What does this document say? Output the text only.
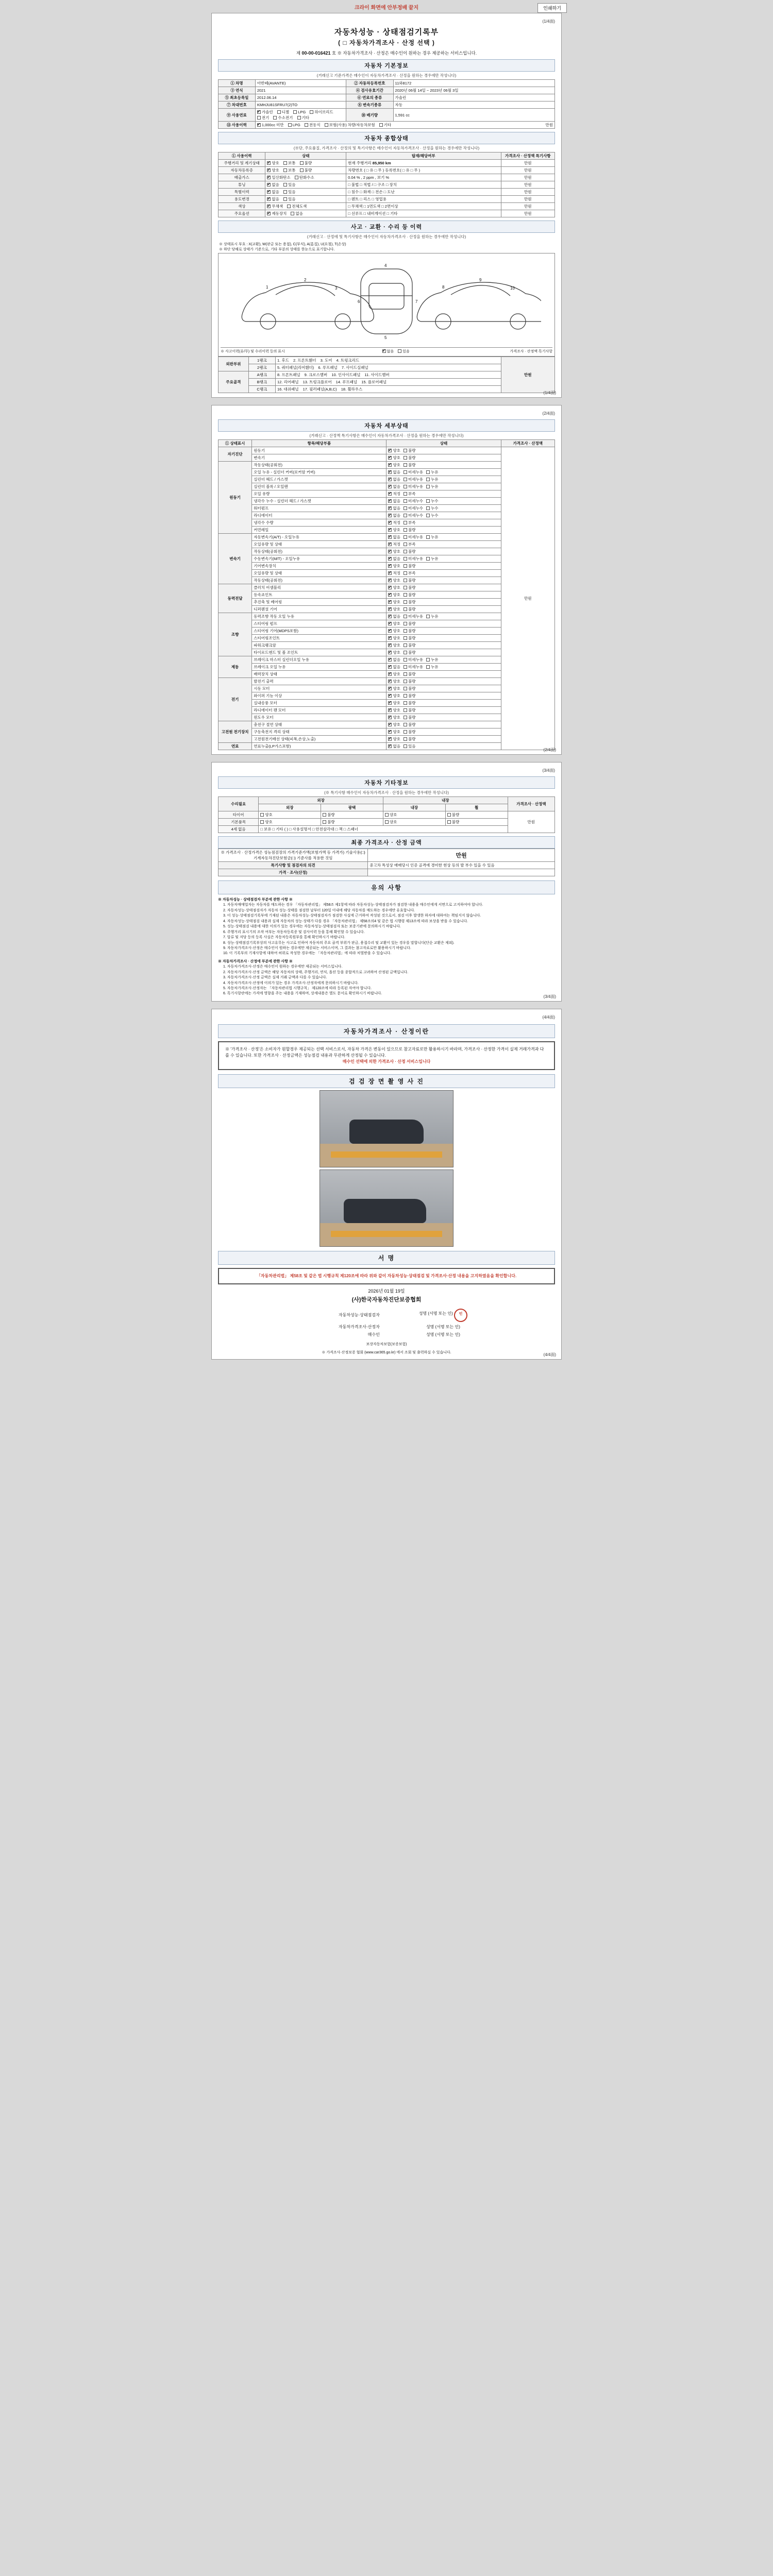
크라이 화면에 안부정배 끝지	인쇄하기
(1/4面)
자동차성능 · 상태점검기록부
( □ 자동차가격조사 · 산정 선택 )
제 00-00-016421 호 ※ 자동차가격조사 · 산정은 매수인이 원하는 경우 제공하는 서비스입니다.
자동차 기본정보
(거래신고 기준가격은 매수인이 자동차가격조사 · 산정을 원하는 경우에만 작성니다)
① 차명	아반떼(AVANTE)	② 자동차등록번호	11와8172
③ 연식	2021	④ 검사유효기간	2020년 06월 14일 ~ 2023년 06월 3일
⑤ 최초등록일	2012.06.14	⑥ 연료의 종류	가솔린
⑦ 차대번호	KMHJU81SFRU7(2)TO	⑧ 변속기종류	자동
⑨ 사용연료	✔가솔린 디젤 LPG 하이브리드 전기 수소전기 기타	⑩ 배기량	1,591 cc
⑬ 사용이력	✔1,000cc 미만 LPG 전동식 보험(사용) 차량/자동차보험 기타 만원
자동차 종합상태
(※단, 주요품질, 가격조사 · 산정의 및 특기사항은 매수인이 자동차가격조사 · 산정을 원하는 경우에만 작성니다)
① 사용이력	상태	탑재/해당여부	가격조사 · 산정액 특기사항
주행거리 및 계기상태	✔양호 보통 불량	현재 주행거리 85,950 km	만원
자동차등록증	✔양호 보통 불량	차량번호 ( □ 유 □ 무 ) 등록번호( □ 유 □ 무 )	만원
배출가스	✔일산화탄소 탄화수소	0.04 % , 2 ppm , 보기 %	만원
튜닝	✔없음 있음	□ 불법 □ 적법 / □ 구조 □ 장치	만원
특별이력	✔없음 있음	□ 침수 □ 화재 □ 전손 □ 도난	만원
용도변경	✔없음 있음	□ 렌트 □ 리스 □ 영업용	만원
색상	✔무채색 전체도색	□ 무채색 □ 1면도색 □ 2면이상	만원
주요옵션	✔제동장치 없음	□ 선루프 □ 내비게이션 □ 기타	만원
사고 · 교환 · 수리 등 이력
(거래신고 · 산정에 및 특기사항은 매수인이 자동차가격조사 · 산정을 원하는 경우에만 작성니다)
※ 상태표시 부호 : X(교환), W(판금 또는 용접), C(부식), A(흠집), U(요철), T(손상)
※ 하단 당해로 상태가 기준으로, 기타 부분의 상태를 한눈으로 표기합니다.
1
2
3
4
5
6	7
8
9
10
※ 사고이력(유/무) 및 수리이력 등의 표시 ✔	없음 있음	가격조사 · 산정액 특기사항
외판부위	1랭크	1. 후드 2. 프론트휀더 3. 도어 4. 트렁크리드	만원
	2랭크	5. 쿼터패널(리어휀더) 6. 루프패널 7. 사이드실패널	
주요골격	A랭크	8. 프론트패널 9. 크로스멤버 10. 인사이드패널 11. 사이드멤버	
	B랭크	12. 리어패널 13. 트렁크플로어 14. 루프패널 15. 플로어패널	
	C랭크	16. 대쉬패널 17. 필러패널(A,B,C) 18. 휠하우스	
(1/4面)
(2/4面)
자동차 세부상태
(거래신고 · 산정액 특기사항은 매수인이 자동차가격조사 · 산정을 원하는 경우에만 작성니다)
① 상태표시	항목/해당부품	상태	가격조사 · 산정액
자기진단	원동기	✔양호 불량	만원
	변속기	✔양호 불량
원동기	작동상태(공회전)	✔양호 불량
	오일 누유 - 실린더 커버(로커암 커버)	✔없음 미세누유 누유
	실린더 헤드 / 가스켓	✔없음 미세누유 누유
	실린더 블록 / 오일팬	✔없음 미세누유 누유
	오일 유량	✔적정 부족
	냉각수 누수 - 실린더 헤드 / 가스켓	✔없음 미세누수 누수
	워터펌프	✔없음 미세누수 누수
	라디에이터	✔없음 미세누수 누수
	냉각수 수량	✔적정 부족
	커먼레일	✔양호 불량
변속기	자동변속기(A/T) - 오일누유	✔없음 미세누유 누유
	오일유량 및 상태	✔적정 부족
	작동상태(공회전)	✔양호 불량
	수동변속기(M/T) - 오일누유	✔없음 미세누유 누유
	기어변속장치	✔양호 불량
	오일유량 및 상태	✔적정 부족
	작동상태(공회전)	✔양호 불량
동력전달	클러치 어셈블리	✔양호 불량
	등속죠인트	✔양호 불량
	추진축 및 베어링	✔양호 불량
	디퍼렌셜 기어	✔양호 불량
조향	동력조향 작동 오일 누유	✔없음 미세누유 누유
	스티어링 펌프	✔양호 불량
	스티어링 기어(MDPS포함)	✔양호 불량
	스티어링조인트	✔양호 불량
	파워크랭크암	✔양호 불량
	타이로드엔드 및 볼 조인트	✔양호 불량
제동	브레이크 마스터 실린더오일 누유	✔없음 미세누유 누유
	브레이크 오일 누유	✔없음 미세누유 누유
	배력장치 상태	✔양호 불량
전기	발전기 출력	✔양호 불량
	시동 모터	✔양호 불량
	와이퍼 기능 이상	✔양호 불량
	실내송풍 모터	✔양호 불량
	라디에이터 팬 모터	✔양호 불량
	윈도우 모터	✔양호 불량
고전원 전기장치	충전구 절연 상태	✔양호 불량
	구동축전지 격리 상태	✔양호 불량
	고전원전기배선 상태(피복,손상,노출)	✔양호 불량
연료	연료누출(LP가스포함)	✔없음 있음
(2/4面)
(3/4面)
자동차 기타정보
(※ 특기사항 매수인이 자동차가격조사 · 산정을 원하는 경우에만 작성니다)
수리필요	외장		내장		가격조사 · 산정액
	외장	광택	내장	휠	
타이어	양호	불량	양호	불량	만원
기본품목	양호	불량	양호	불량	
4세 없음	□ 보유 □ 기타 ( ) □ 사용설명서 □ 안전삼각대 □ 잭 □ 스패너				
최종 가격조사 · 산정 금액
※ 가격조사 · 산정가격은 성능점검장의 가격기준가액(보험가액 등 가격가) 기술사용(□) 기계자동차진단보험금(□) 기준사를 적용한 것임	만원
특기사항 및 점검자의 의견	중고차 특성상 매매당시 인증 골격에 경미한 현상 등의 발 부수 있을 수 있음
가격 · 조사(산정)	
유의 사항

※ 자동차성능 · 상태점검자 부분에 관한 사항 ※

1. 자동차매매업자는 자동차를 매도하는 경우 「자동차관리법」 제58조 제1항에 따라 자동차성능·상태점검자가 점검한 내용을 매수인에게 서면으로 고지하여야 합니다.

2. 자동차성능·상태점검자가 자동차 성능·상태를 점검한 날부터 120일 이내에 해당 자동차를 매도하는 경우에만 유효합니다.

3. 이 성능·상태점검기록부에 기재된 내용은 자동차성능·상태점검자가 점검한 사실에 근거하여 작성된 것으로서, 점검 이후 발생한 하자에 대하여는 책임지지 않습니다.

4. 자동차성능·상태점검 내용과 실제 자동차의 성능·상태가 다를 경우 「자동차관리법」 제58조의4 및 같은 법 시행령 제13조에 따라 보상을 받을 수 있습니다.

5. 성능·상태점검 내용에 대한 이의가 있는 경우에는 자동차성능·상태점검자 또는 보증기관에 문의하시기 바랍니다.

6. 주행거리 표시기의 조작 여부는 자동차등록증 및 검사이력 등을 통해 확인할 수 있습니다.

7. 압류 및 저당 등의 등록 사실은 자동차등록원부를 통해 확인하시기 바랍니다.

8. 성능·상태점검기록부상의 사고유무는 사고로 인하여 자동차의 주요 골격 부위가 판금, 용접수리 및 교환이 있는 경우를 말합니다(단순 교환은 제외).

9. 자동차가격조사·산정은 매수인이 원하는 경우에만 제공되는 서비스이며, 그 결과는 참고자료로만 활용하시기 바랍니다.

10. 이 기록부의 기재사항에 대하여 허위로 작성한 경우에는 「자동차관리법」에 따라 처벌받을 수 있습니다.

※ 자동차가격조사 · 산정에 부분에 관한 사항 ※

1. 자동차가격조사·산정은 매수인이 원하는 경우에만 제공되는 서비스입니다.

2. 자동차가격조사·산정 금액은 해당 자동차의 상태, 주행거리, 연식, 옵션 등을 종합적으로 고려하여 산정된 금액입니다.

3. 자동차가격조사·산정 금액은 실제 거래 금액과 다를 수 있습니다.

4. 자동차가격조사·산정에 이의가 있는 경우 가격조사·산정자에게 문의하시기 바랍니다.

5. 자동차가격조사·산정자는 「자동차관리법 시행규칙」 제120조에 따라 등록된 자여야 합니다.

6. 특기사항란에는 가격에 영향을 주는 내용을 기재하며, 상세내용은 별도 문서로 확인하시기 바랍니다.

(3/4面)
(4/4面)
자동차가격조사 · 산정이란
※ '가격조사 · 산정'은 소비자가 원할경우 제공되는 선택 서비스로서, 자동차 가격은 변동이 있으므로 참고자료로만 활용하시기 바라며, 가격조사 · 산정한 가격이 실제 거래가격과 다를 수 있습니다. 또한 가격조사 · 산정금액은 성능점검 내용과 무관하게 산정될 수 있습니다.
매수인 선택에 의한 가격조사 · 산정 서비스입니다
검 검 장 면 촬 영 사 진
서 명
「자동차관리법」 제58조 및 같은 법 시행규칙 제120조에 따라 위와 같이 자동차성능·상태점검 및 가격조사·산정 내용을 고지하였음을 확인합니다.
2026년 01월 19일
(사)한국자동차진단보증협회
자동차성능·상태점검자	성명 (서명 또는 인) 인
자동차가격조사·산정자	성명 (서명 또는 인)
매수인	성명 (서명 또는 인)
보장자동차보험(보증보험)
※ 가격조사·산정보증 협회 (www.car365.go.kr) 에서 조회 및 출력하실 수 있습니다.	(4/4面)
